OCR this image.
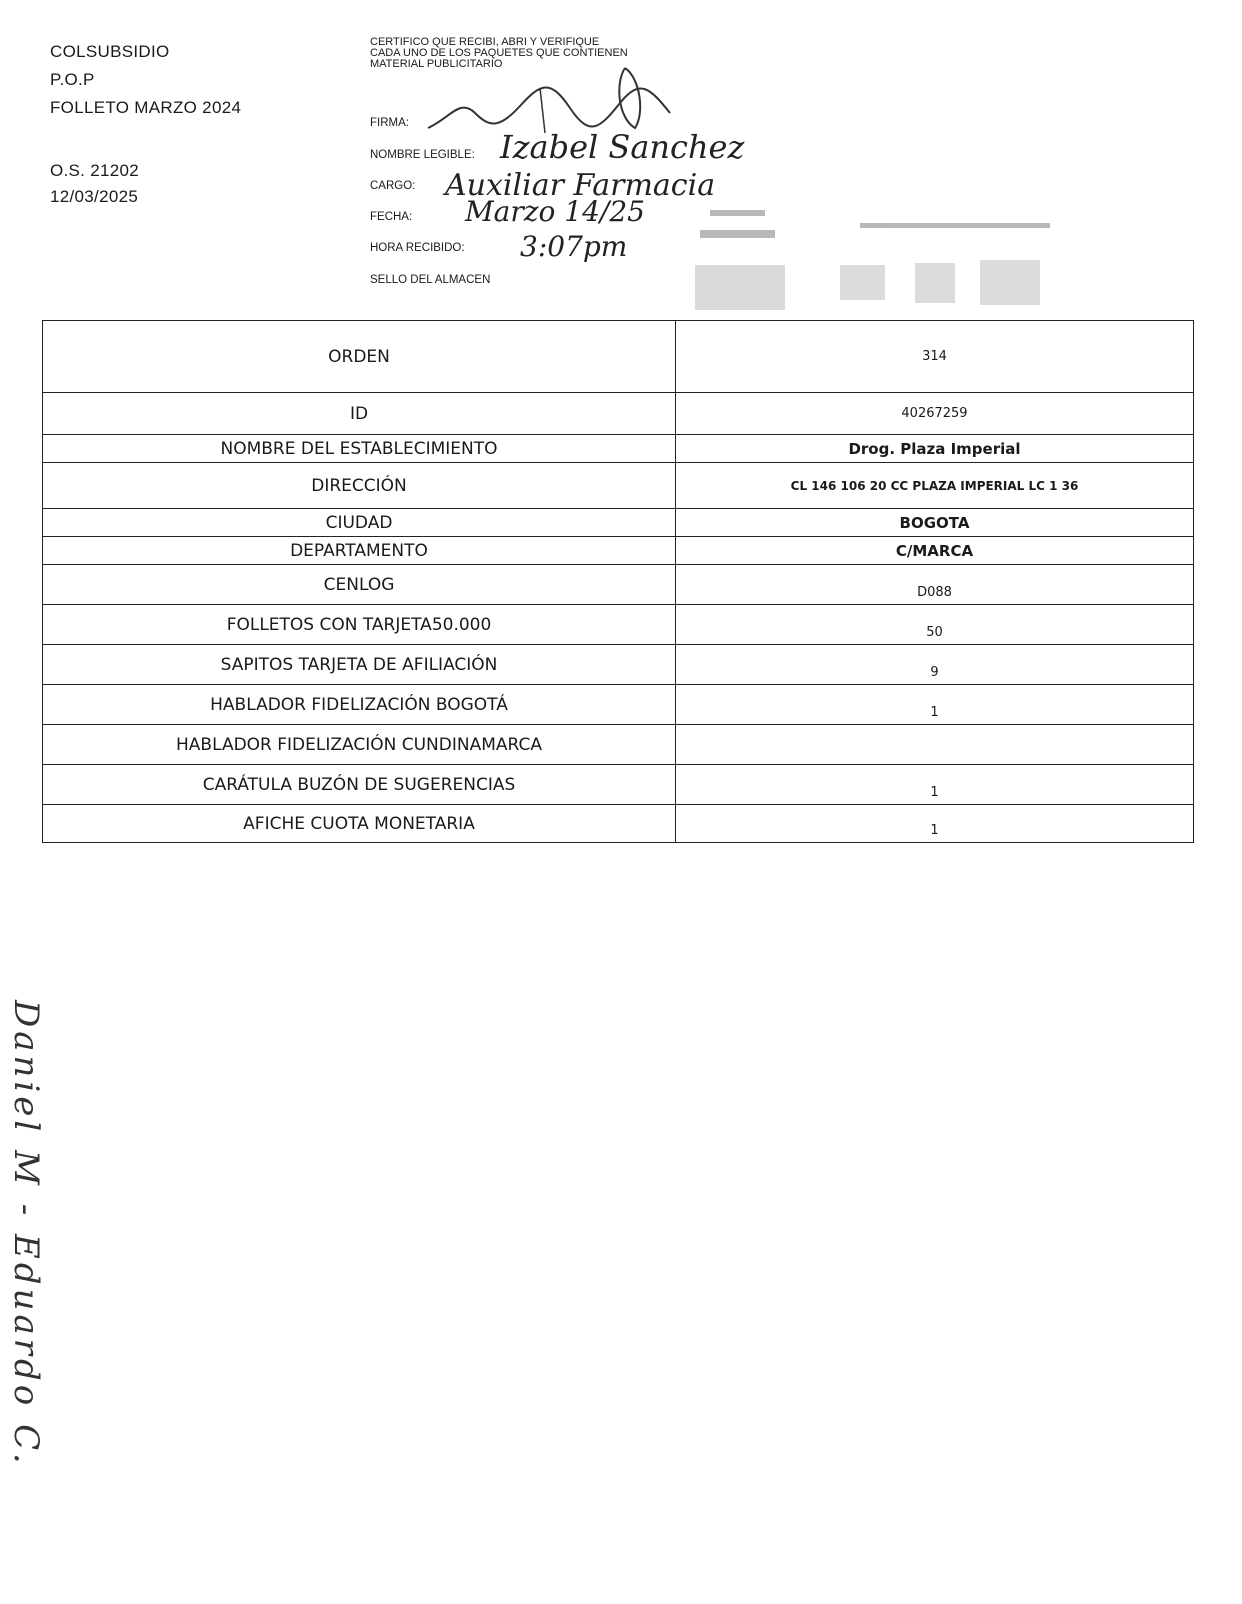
COLSUBSIDIO
P.O.P
FOLLETO MARZO 2024
O.S. 21202
12/03/2025
CERTIFICO QUE RECIBI, ABRI Y VERIFIQUE CADA UNO DE LOS PAQUETES QUE CONTIENEN MATERIAL PUBLICITARIO
FIRMA:
NOMBRE LEGIBLE:
CARGO:
FECHA:
HORA RECIBIDO:
SELLO DEL ALMACEN
Izabel Sanchez
Auxiliar Farmacia
Marzo 14/25
3:07pm
ORDEN	314
ID	40267259
NOMBRE DEL ESTABLECIMIENTO	Drog. Plaza Imperial
DIRECCIÓN	CL 146 106 20 CC PLAZA IMPERIAL LC 1 36
CIUDAD	BOGOTA
DEPARTAMENTO	C/MARCA
CENLOG	D088
FOLLETOS CON TARJETA50.000	50
SAPITOS TARJETA DE AFILIACIÓN	9
HABLADOR FIDELIZACIÓN BOGOTÁ	1
HABLADOR FIDELIZACIÓN CUNDINAMARCA	
CARÁTULA BUZÓN DE SUGERENCIAS	1
AFICHE CUOTA MONETARIA	1
Daniel M - Eduardo C.
